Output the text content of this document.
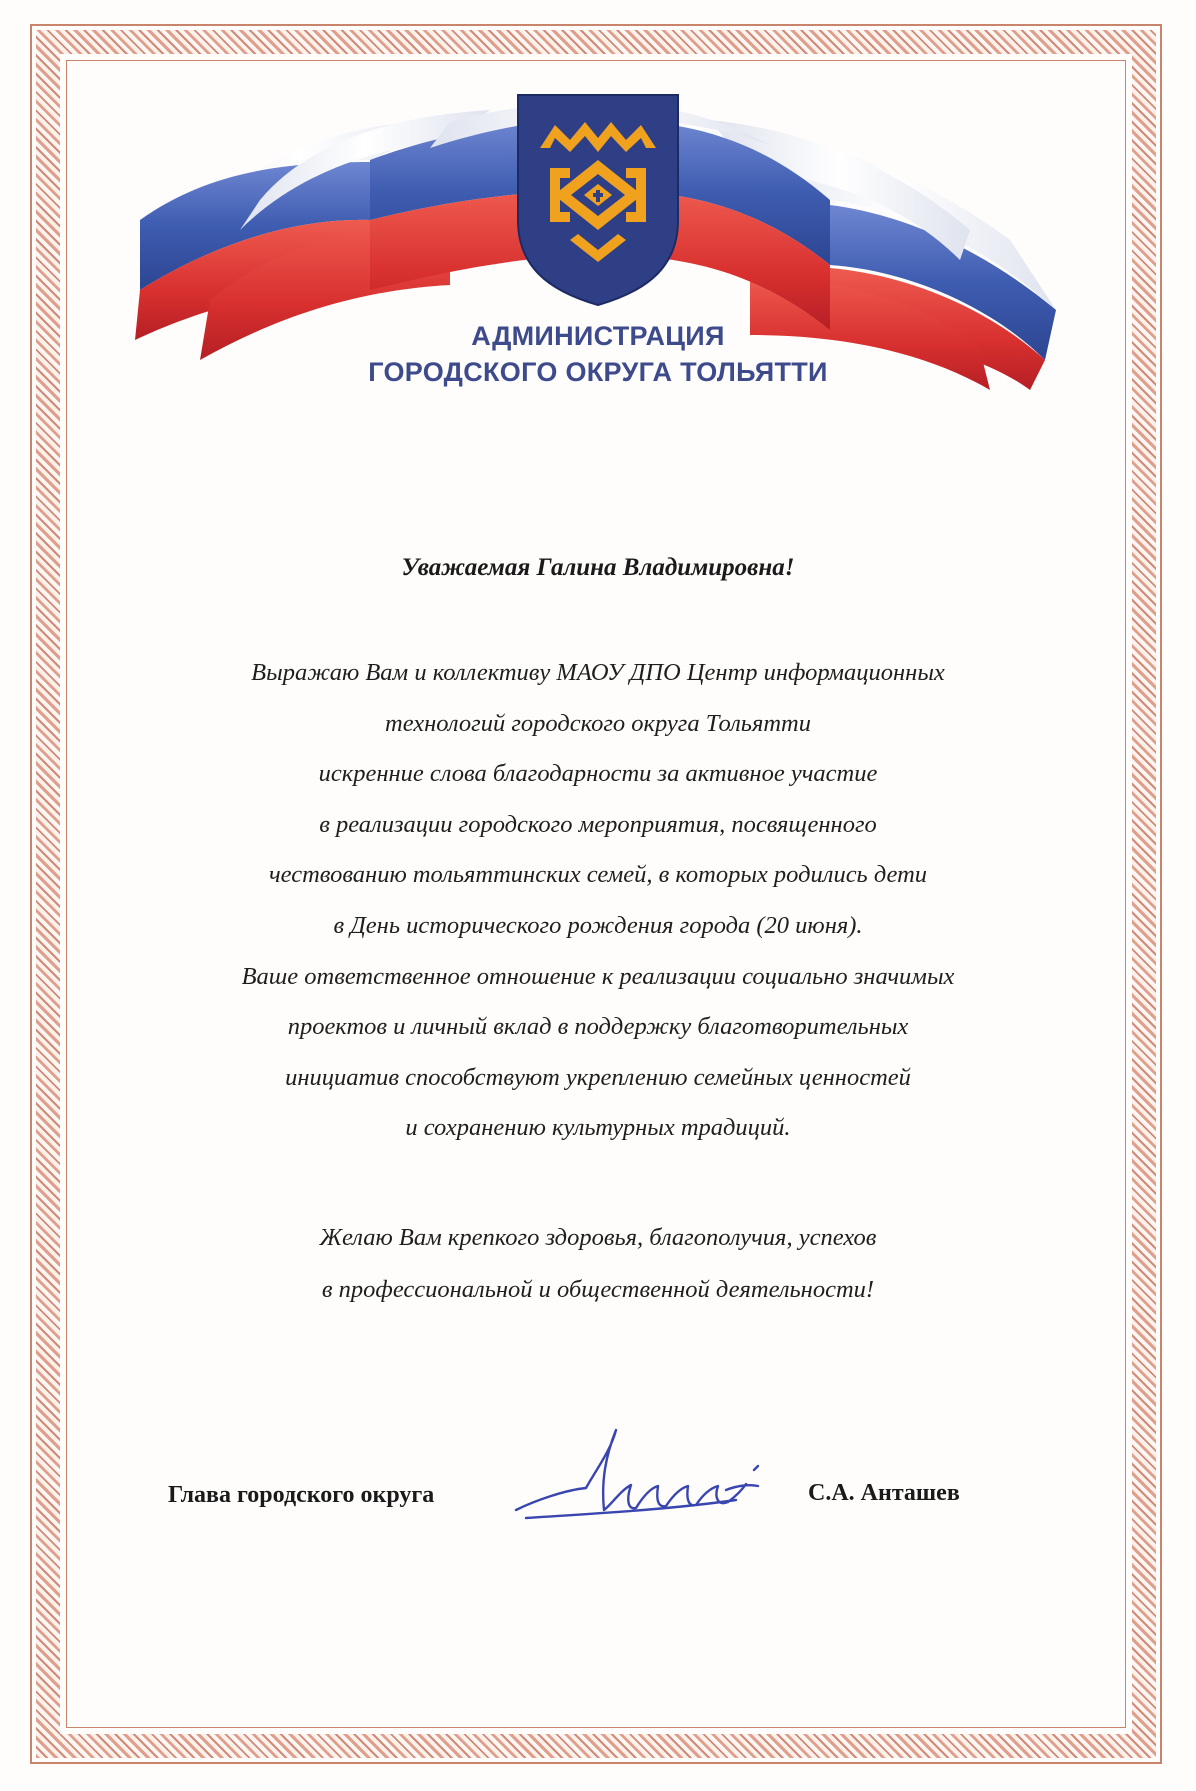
АДМИНИСТРАЦИЯ
ГОРОДСКОГО ОКРУГА ТОЛЬЯТТИ
Уважаемая Галина Владимировна!
Выражаю Вам и коллективу МАОУ ДПО Центр информационных
технологий городского округа Тольятти
искренние слова благодарности за активное участие
в реализации городского мероприятия, посвященного
чествованию тольяттинских семей, в которых родились дети
в День исторического рождения города (20 июня).
Ваше ответственное отношение к реализации социально значимых
проектов и личный вклад в поддержку благотворительных
инициатив способствуют укреплению семейных ценностей
и сохранению культурных традиций.
Желаю Вам крепкого здоровья, благополучия, успехов
в профессиональной и общественной деятельности!
Глава городского округа	С.А. Анташев
